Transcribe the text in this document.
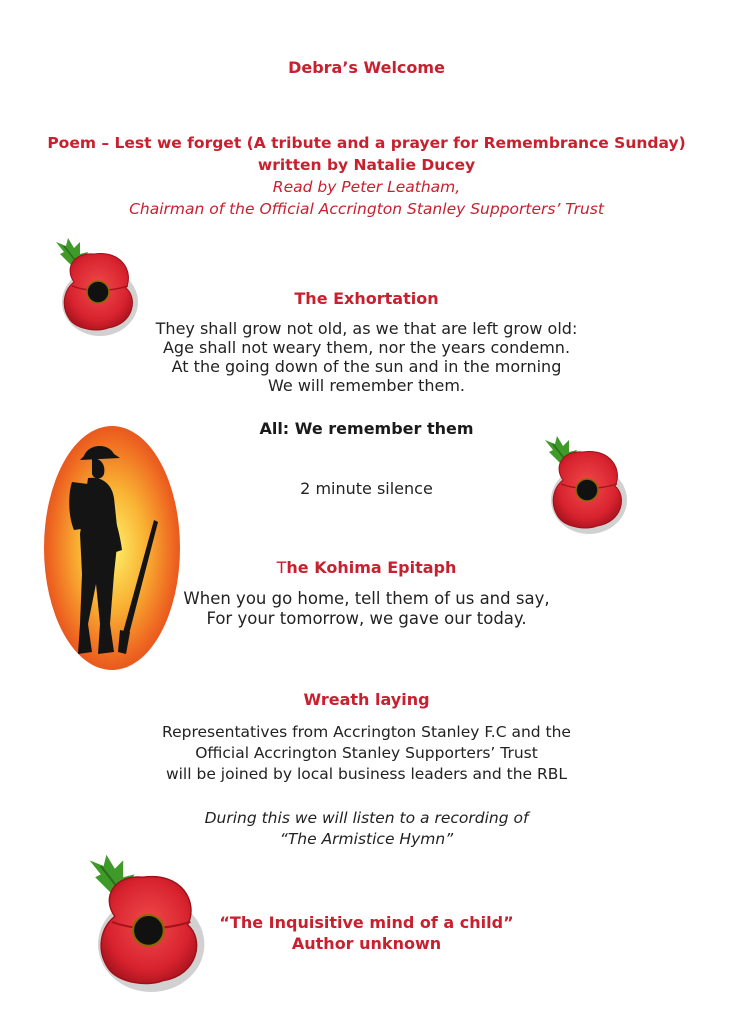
Debra’s Welcome
Poem – Lest we forget (A tribute and a prayer for Remembrance Sunday)
written by Natalie Ducey
Read by Peter Leatham,
Chairman of the Official Accrington Stanley Supporters’ Trust
The Exhortation
They shall grow not old, as we that are left grow old:
Age shall not weary them, nor the years condemn.
At the going down of the sun and in the morning
We will remember them.
All: We remember them
2 minute silence
The Kohima Epitaph
When you go home, tell them of us and say,
For your tomorrow, we gave our today.
Wreath laying
Representatives from Accrington Stanley F.C and the
Official Accrington Stanley Supporters’ Trust
will be joined by local business leaders and the RBL
During this we will listen to a recording of
“The Armistice Hymn”
“The Inquisitive mind of a child”
Author unknown
